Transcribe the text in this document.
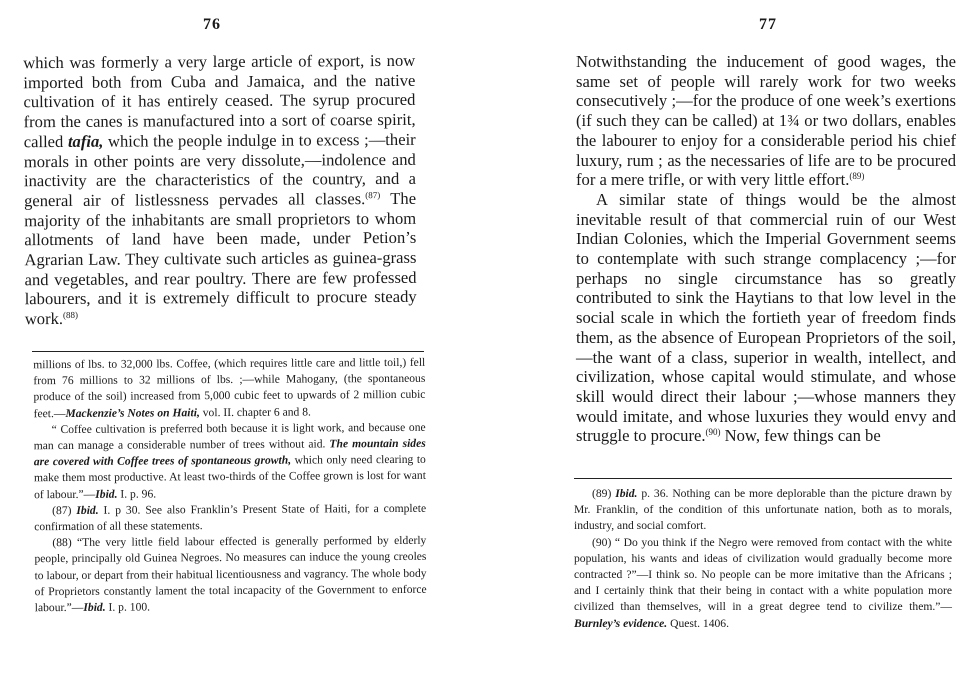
76

which was formerly a very large article of export, is now imported both from Cuba and Jamaica, and the native cultivation of it has entirely ceased. The syrup procured from the canes is manufactured into a sort of coarse spirit, called tafia, which the people indulge in to excess ;—their morals in other points are very dissolute,—indolence and inactivity are the characteristics of the country, and a general air of listlessness pervades all classes.$^{(87)}$ The majority of the inhabitants are small proprietors to whom allotments of land have been made, under Petion’s Agrarian Law. They cultivate such articles as guinea-grass and vegetables, and rear poultry. There are few professed labourers, and it is extremely difficult to procure steady work.$^{(88)}$

millions of lbs. to 32,000 lbs. Coffee, (which requires little care and little toil,) fell from 76 millions to 32 millions of lbs. ;—while Mahogany, (the spontaneous produce of the soil) increased from 5,000 cubic feet to upwards of 2 million cubic feet.—Mackenzie’s Notes on Haiti, vol. II. chapter 6 and 8.

“ Coffee cultivation is preferred both because it is light work, and because one man can manage a considerable number of trees without aid. The mountain sides are covered with Coffee trees of spontaneous growth, which only need clearing to make them most productive. At least two-thirds of the Coffee grown is lost for want of labour.”—Ibid. I. p. 96.

(87) Ibid. I. p 30. See also Franklin’s Present State of Haiti, for a complete confirmation of all these statements.

(88) “The very little field labour effected is generally performed by elderly people, principally old Guinea Negroes. No measures can induce the young creoles to labour, or depart from their habitual licentiousness and vagrancy. The whole body of Proprietors constantly lament the total incapacity of the Government to enforce labour.”—Ibid. I. p. 100.

77

Notwithstanding the inducement of good wages, the same set of people will rarely work for two weeks consecutively ;—for the produce of one week’s exertions (if such they can be called) at 1¾ or two dollars, enables the labourer to enjoy for a considerable period his chief luxury, rum ; as the necessaries of life are to be procured for a mere trifle, or with very little effort.$^{(89)}$

A similar state of things would be the almost inevitable result of that commercial ruin of our West Indian Colonies, which the Imperial Government seems to contemplate with such strange complacency ;—for perhaps no single circumstance has so greatly contributed to sink the Haytians to that low level in the social scale in which the fortieth year of freedom finds them, as the absence of European Proprietors of the soil,—the want of a class, superior in wealth, intellect, and civilization, whose capital would stimulate, and whose skill would direct their labour ;—whose manners they would imitate, and whose luxuries they would envy and struggle to procure.$^{(90)}$ Now, few things can be

(89) Ibid. p. 36. Nothing can be more deplorable than the picture drawn by Mr. Franklin, of the condition of this unfortunate nation, both as to morals, industry, and social comfort.

(90) “ Do you think if the Negro were removed from contact with the white population, his wants and ideas of civilization would gradually become more contracted ?”—I think so. No people can be more imitative than the Africans ; and I certainly think that their being in contact with a white population more civilized than themselves, will in a great degree tend to civilize them.”—Burnley’s evidence. Quest. 1406.
